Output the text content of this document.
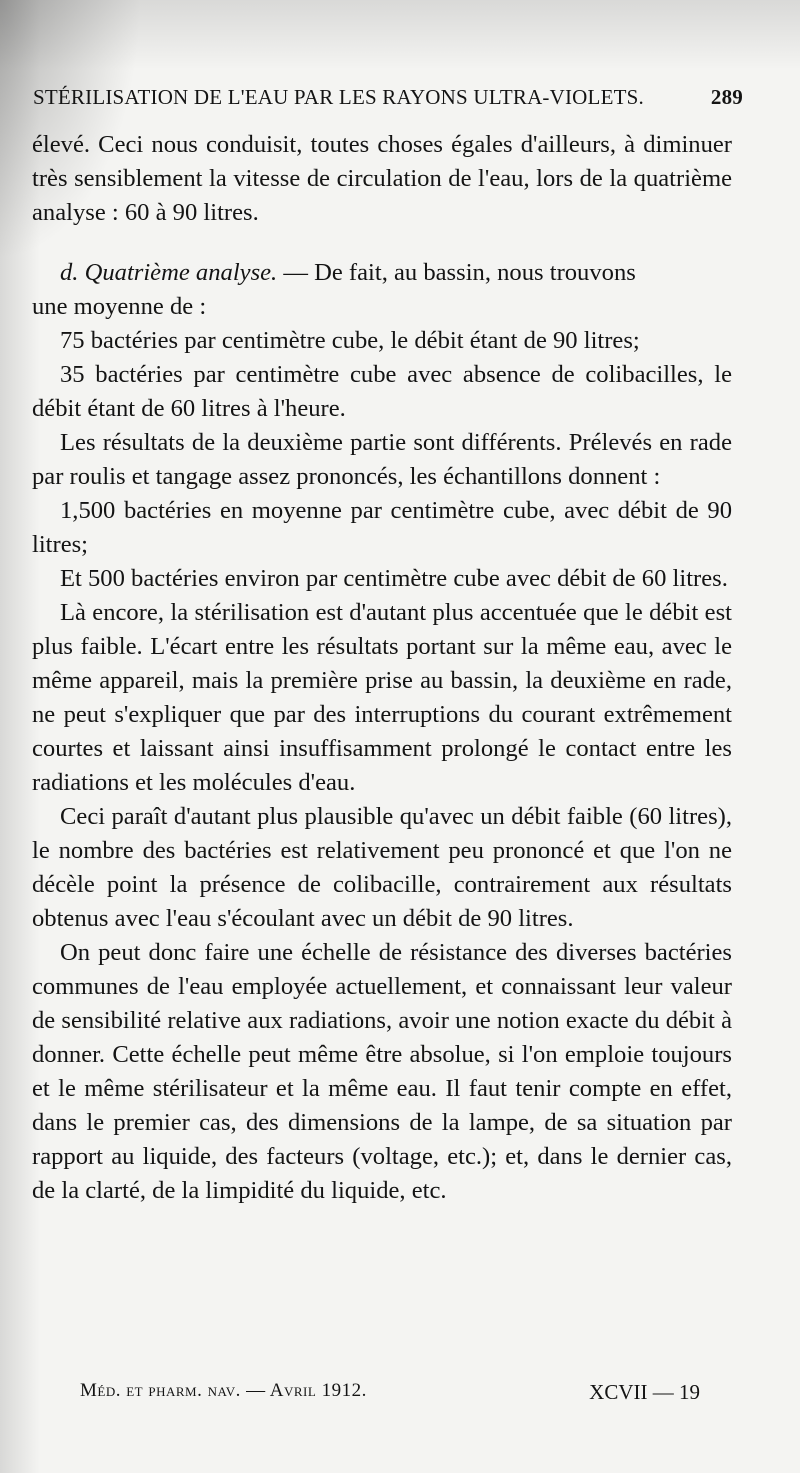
STÉRILISATION DE L'EAU PAR LES RAYONS ULTRA-VIOLETS.	289

élevé. Ceci nous conduisit, toutes choses égales d'ailleurs, à diminuer très sensiblement la vitesse de circulation de l'eau, lors de la quatrième analyse : 60 à 90 litres.

d. Quatrième analyse. — De fait, au bassin, nous trouvons

une moyenne de :

75 bactéries par centimètre cube, le débit étant de 90 litres;

35 bactéries par centimètre cube avec absence de colibacilles, le débit étant de 60 litres à l'heure.

Les résultats de la deuxième partie sont différents. Prélevés en rade par roulis et tangage assez prononcés, les échantillons donnent :

1,500 bactéries en moyenne par centimètre cube, avec débit de 90 litres;

Et 500 bactéries environ par centimètre cube avec débit de 60 litres.

Là encore, la stérilisation est d'autant plus accentuée que le débit est plus faible. L'écart entre les résultats portant sur la même eau, avec le même appareil, mais la première prise au bassin, la deuxième en rade, ne peut s'expliquer que par des interruptions du courant extrêmement courtes et laissant ainsi insuffisamment prolongé le contact entre les radiations et les molécules d'eau.

Ceci paraît d'autant plus plausible qu'avec un débit faible (60 litres), le nombre des bactéries est relativement peu prononcé et que l'on ne décèle point la présence de colibacille, contrairement aux résultats obtenus avec l'eau s'écoulant avec un débit de 90 litres.

On peut donc faire une échelle de résistance des diverses bactéries communes de l'eau employée actuellement, et connaissant leur valeur de sensibilité relative aux radiations, avoir une notion exacte du débit à donner. Cette échelle peut même être absolue, si l'on emploie toujours et le même stérilisateur et la même eau. Il faut tenir compte en effet, dans le premier cas, des dimensions de la lampe, de sa situation par rapport au liquide, des facteurs (voltage, etc.); et, dans le dernier cas, de la clarté, de la limpidité du liquide, etc.

Méd. et pharm. nav. — Avril 1912.	XCVII — 19
